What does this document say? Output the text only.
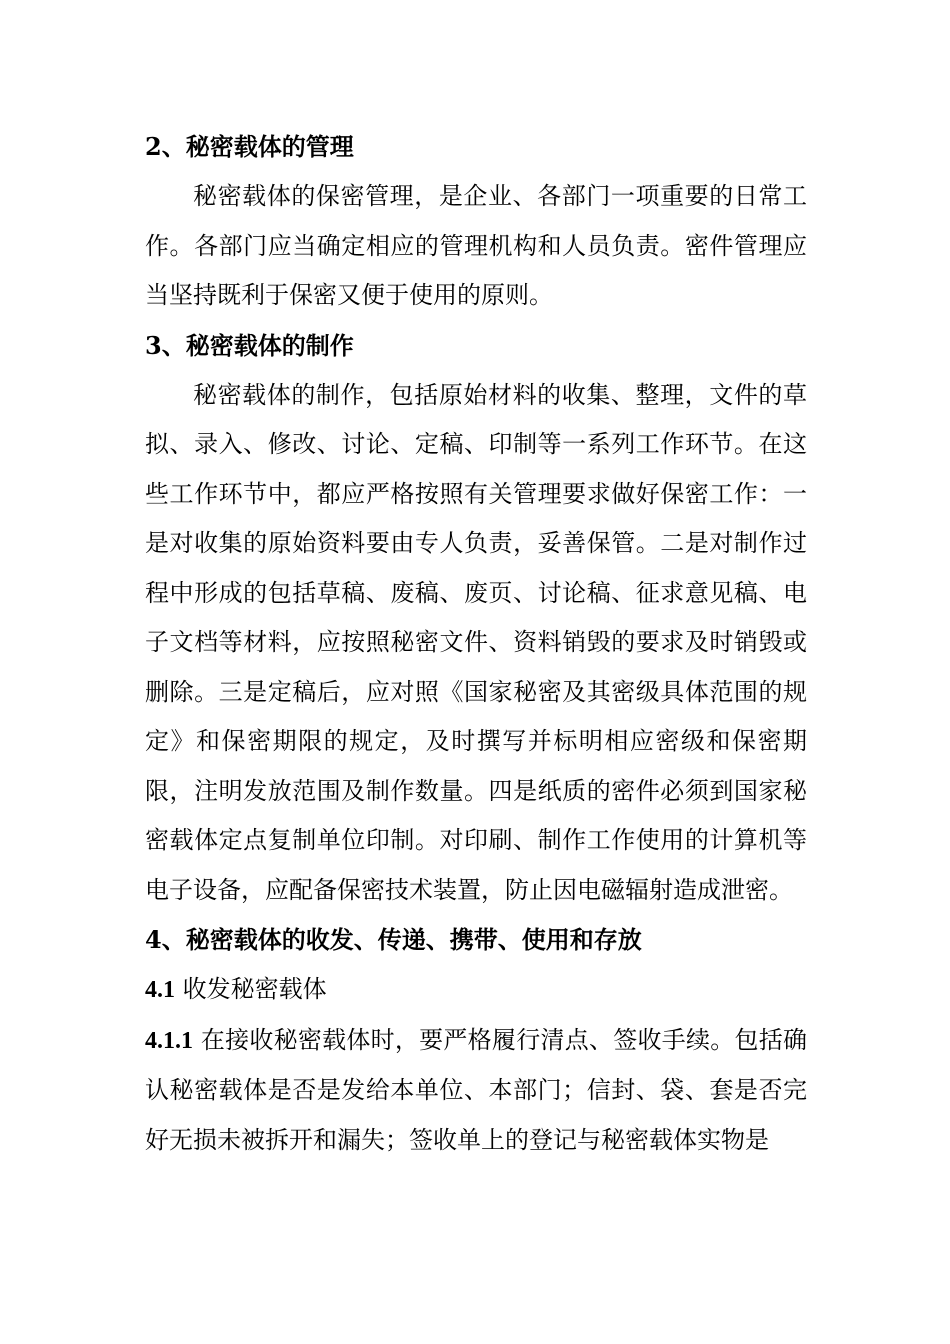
2、秘密载体的管理

秘密载体的保密管理，是企业、各部门一项重要的日常工作。各部门应当确定相应的管理机构和人员负责。密件管理应当坚持既利于保密又便于使用的原则。

3、秘密载体的制作

秘密载体的制作，包括原始材料的收集、整理，文件的草拟、录入、修改、讨论、定稿、印制等一系列工作环节。在这些工作环节中，都应严格按照有关管理要求做好保密工作：一是对收集的原始资料要由专人负责，妥善保管。二是对制作过程中形成的包括草稿、废稿、废页、讨论稿、征求意见稿、电子文档等材料，应按照秘密文件、资料销毁的要求及时销毁或删除。三是定稿后，应对照《国家秘密及其密级具体范围的规定》和保密期限的规定，及时撰写并标明相应密级和保密期限，注明发放范围及制作数量。四是纸质的密件必须到国家秘密载体定点复制单位印制。对印刷、制作工作使用的计算机等电子设备，应配备保密技术装置，防止因电磁辐射造成泄密。

4、秘密载体的收发、传递、携带、使用和存放

4.1 收发秘密载体

4.1.1 在接收秘密载体时，要严格履行清点、签收手续。包括确认秘密载体是否是发给本单位、本部门；信封、袋、套是否完好无损未被拆开和漏失；签收单上的登记与秘密载体实物是
